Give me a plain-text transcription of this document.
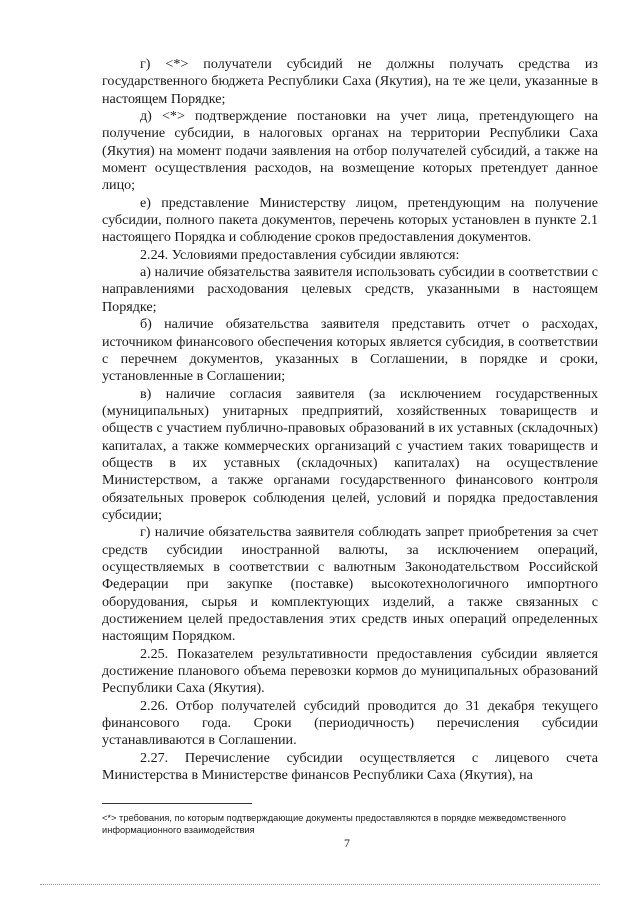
г) <*> получатели субсидий не должны получать средства из государственного бюджета Республики Саха (Якутия), на те же цели, указанные в настоящем Порядке;

д) <*> подтверждение постановки на учет лица, претендующего на получение субсидии, в налоговых органах на территории Республики Саха (Якутия) на момент подачи заявления на отбор получателей субсидий, а также на момент осуществления расходов, на возмещение которых претендует данное лицо;

е) представление Министерству лицом, претендующим на получение субсидии, полного пакета документов, перечень которых установлен в пункте 2.1 настоящего Порядка и соблюдение сроков предоставления документов.

2.24. Условиями предоставления субсидии являются:

а) наличие обязательства заявителя использовать субсидии в соответствии с направлениями расходования целевых средств, указанными в настоящем Порядке;

б) наличие обязательства заявителя представить отчет о расходах, источником финансового обеспечения которых является субсидия, в соответствии с перечнем документов, указанных в Соглашении, в порядке и сроки, установленные в Соглашении;

в) наличие согласия заявителя (за исключением государственных (муниципальных) унитарных предприятий, хозяйственных товариществ и обществ с участием публично-правовых образований в их уставных (складочных) капиталах, а также коммерческих организаций с участием таких товариществ и обществ в их уставных (складочных) капиталах) на осуществление Министерством, а также органами государственного финансового контроля обязательных проверок соблюдения целей, условий и порядка предоставления субсидии;

г) наличие обязательства заявителя соблюдать запрет приобретения за счет средств субсидии иностранной валюты, за исключением операций, осуществляемых в соответствии с валютным Законодательством Российской Федерации при закупке (поставке) высокотехнологичного импортного оборудования, сырья и комплектующих изделий, а также связанных с достижением целей предоставления этих средств иных операций определенных настоящим Порядком.

2.25. Показателем результативности предоставления субсидии является достижение планового объема перевозки кормов до муниципальных образований Республики Саха (Якутия).

2.26. Отбор получателей субсидий проводится до 31 декабря текущего финансового года. Сроки (периодичность) перечисления субсидии устанавливаются в Соглашении.

2.27. Перечисление субсидии осуществляется с лицевого счета Министерства в Министерстве финансов Республики Саха (Якутия), на

<*> требования, по которым подтверждающие документы предоставляются в порядке межведомственного информационного взаимодействия
7
